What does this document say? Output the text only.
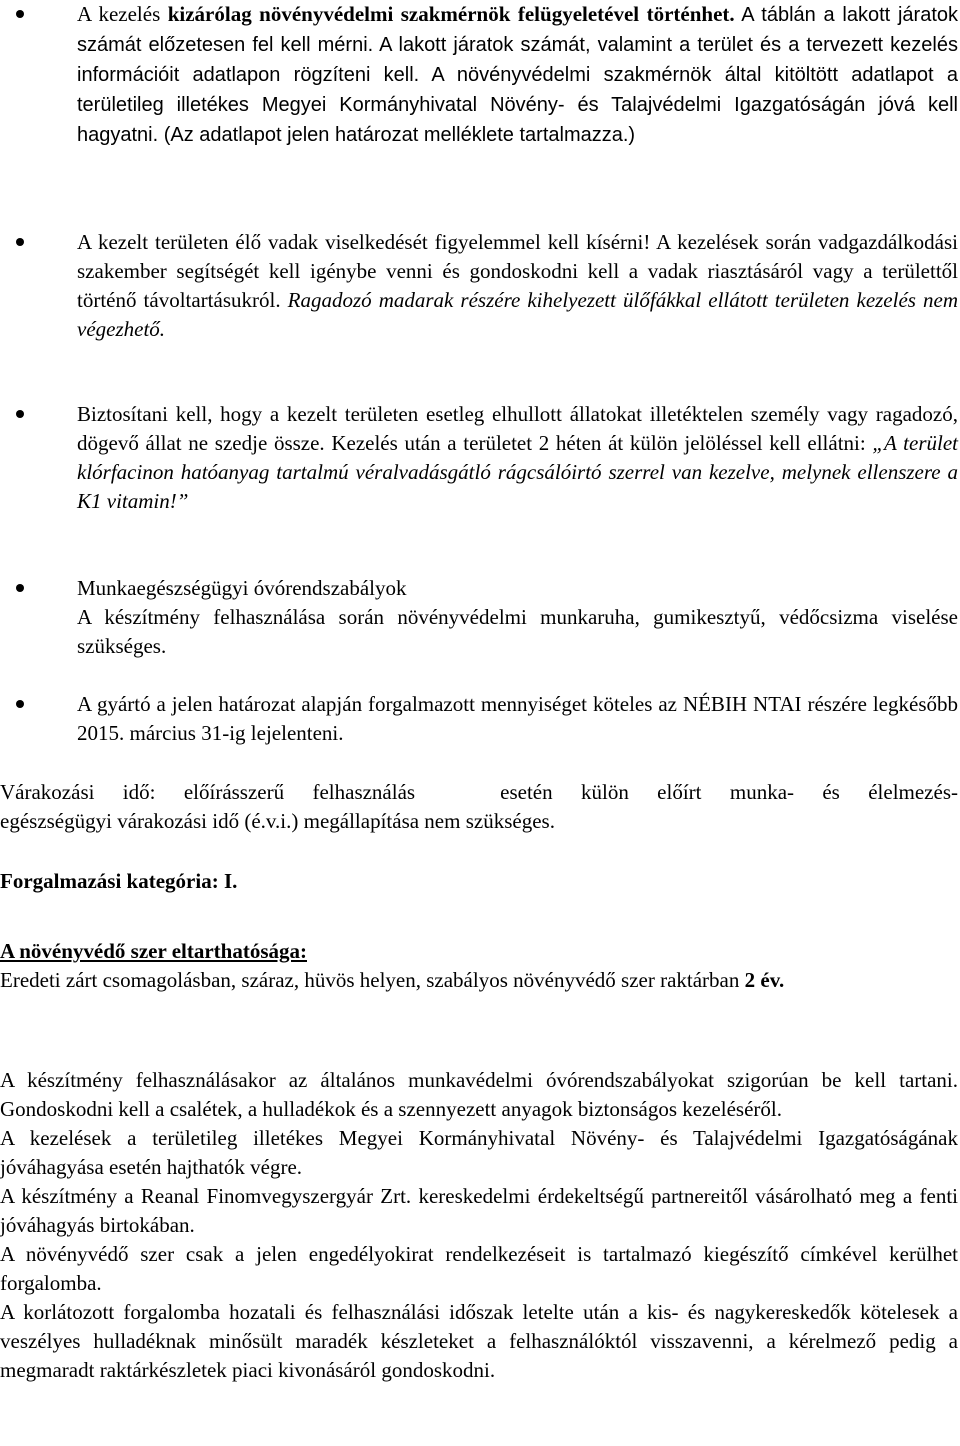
A kezelés kizárólag növényvédelmi szakmérnök felügyeletével történhet. A táblán a lakott járatok számát előzetesen fel kell mérni. A lakott járatok számát, valamint a terület és a tervezett kezelés információit adatlapon rögzíteni kell. A növényvédelmi szakmérnök által kitöltött adatlapot a területileg illetékes Megyei Kormányhivatal Növény- és Talajvédelmi Igazgatóságán jóvá kell hagyatni. (Az adatlapot jelen határozat melléklete tartalmazza.)
A kezelt területen élő vadak viselkedését figyelemmel kell kísérni! A kezelések során vadgazdálkodási szakember segítségét kell igénybe venni és gondoskodni kell a vadak riasztásáról vagy a területtől történő távoltartásukról. Ragadozó madarak részére kihelyezett ülőfákkal ellátott területen kezelés nem végezhető.
Biztosítani kell, hogy a kezelt területen esetleg elhullott állatokat illetéktelen személy vagy ragadozó, dögevő állat ne szedje össze. Kezelés után a területet 2 héten át külön jelöléssel kell ellátni: „A terület klórfacinon hatóanyag tartalmú véralvadásgátló rágcsálóirtó szerrel van kezelve, melynek ellenszere a K1 vitamin!”
Munkaegészségügyi óvórendszabályok
A készítmény felhasználása során növényvédelmi munkaruha, gumikesztyű, védőcsizma viselése szükséges.
A gyártó a jelen határozat alapján forgalmazott mennyiséget köteles az NÉBIH NTAI részére legkésőbb 2015. március 31-ig lejelenteni.
Várakozási idő: előírásszerű felhasználás   esetén külön előírt munka- és élelmezés-
egészségügyi várakozási idő (é.v.i.) megállapítása nem szükséges.
Forgalmazási kategória: I.
A növényvédő szer eltarthatósága:
Eredeti zárt csomagolásban, száraz, hüvös helyen, szabályos növényvédő szer raktárban 2 év.
A készítmény felhasználásakor az általános munkavédelmi óvórendszabályokat szigorúan be kell tartani. Gondoskodni kell a csalétek, a hulladékok és a szennyezett anyagok biztonságos kezeléséről.
A kezelések a területileg illetékes Megyei Kormányhivatal Növény- és Talajvédelmi Igazgatóságának jóváhagyása esetén hajthatók végre.
A készítmény a Reanal Finomvegyszergyár Zrt. kereskedelmi érdekeltségű partnereitől vásárolható meg a fenti jóváhagyás birtokában.
A növényvédő szer csak a jelen engedélyokirat rendelkezéseit is tartalmazó kiegészítő címkével kerülhet forgalomba.
A korlátozott forgalomba hozatali és felhasználási időszak letelte után a kis- és nagykereskedők kötelesek a veszélyes hulladéknak minősült maradék készleteket a felhasználóktól visszavenni, a kérelmező pedig a megmaradt raktárkészletek piaci kivonásáról gondoskodni.
